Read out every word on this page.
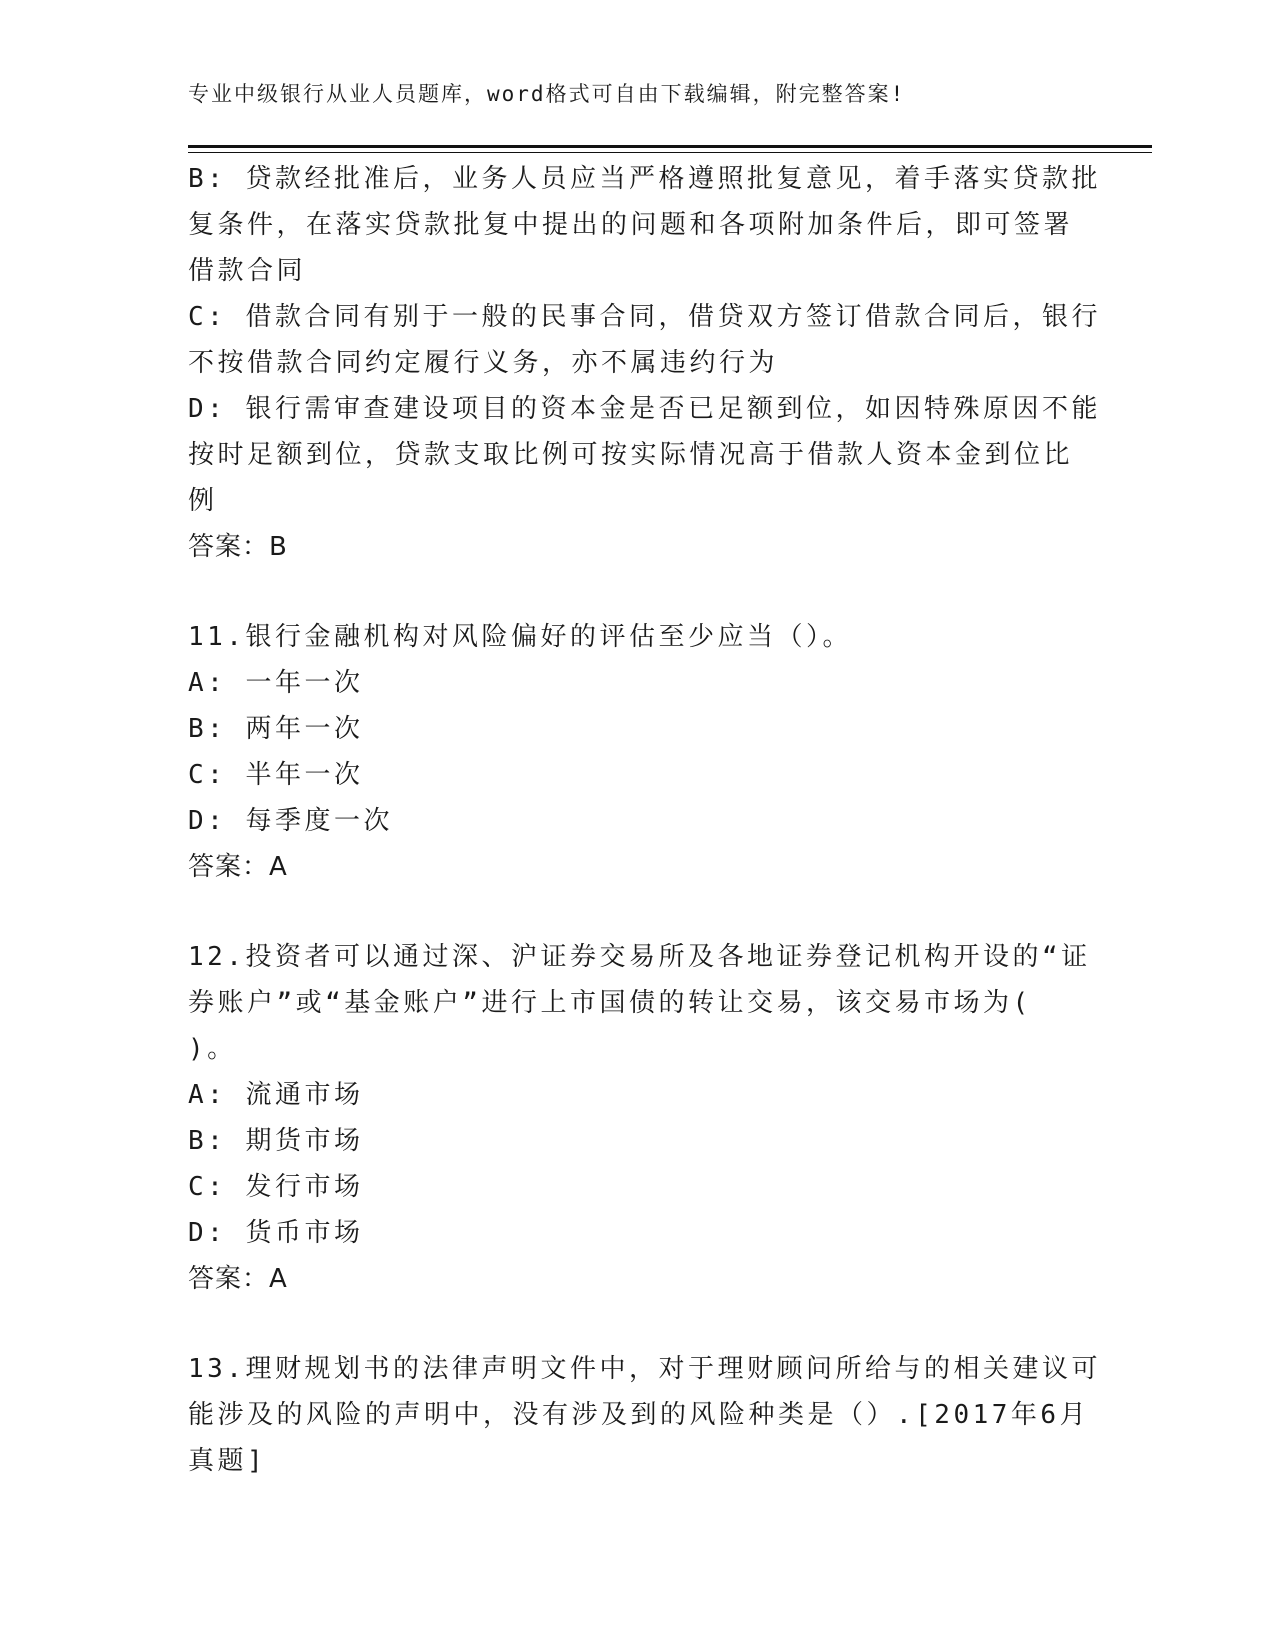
专业中级银行从业人员题库，word格式可自由下载编辑，附完整答案!
B: 贷款经批准后，业务人员应当严格遵照批复意见，着手落实贷款批
复条件，在落实贷款批复中提出的问题和各项附加条件后，即可签署
借款合同
C: 借款合同有别于一般的民事合同，借贷双方签订借款合同后，银行
不按借款合同约定履行义务，亦不属违约行为
D: 银行需审查建设项目的资本金是否已足额到位，如因特殊原因不能
按时足额到位，贷款支取比例可按实际情况高于借款人资本金到位比
例
答案：B
11.银行金融机构对风险偏好的评估至少应当（）。
A: 一年一次
B: 两年一次
C: 半年一次
D: 每季度一次
答案：A
12.投资者可以通过深、沪证券交易所及各地证券登记机构开设的“证
券账户”或“基金账户”进行上市国债的转让交易，该交易市场为(
)。
A: 流通市场
B: 期货市场
C: 发行市场
D: 货币市场
答案：A
13.理财规划书的法律声明文件中，对于理财顾问所给与的相关建议可
能涉及的风险的声明中，没有涉及到的风险种类是（）.[2017年6月
真题]
